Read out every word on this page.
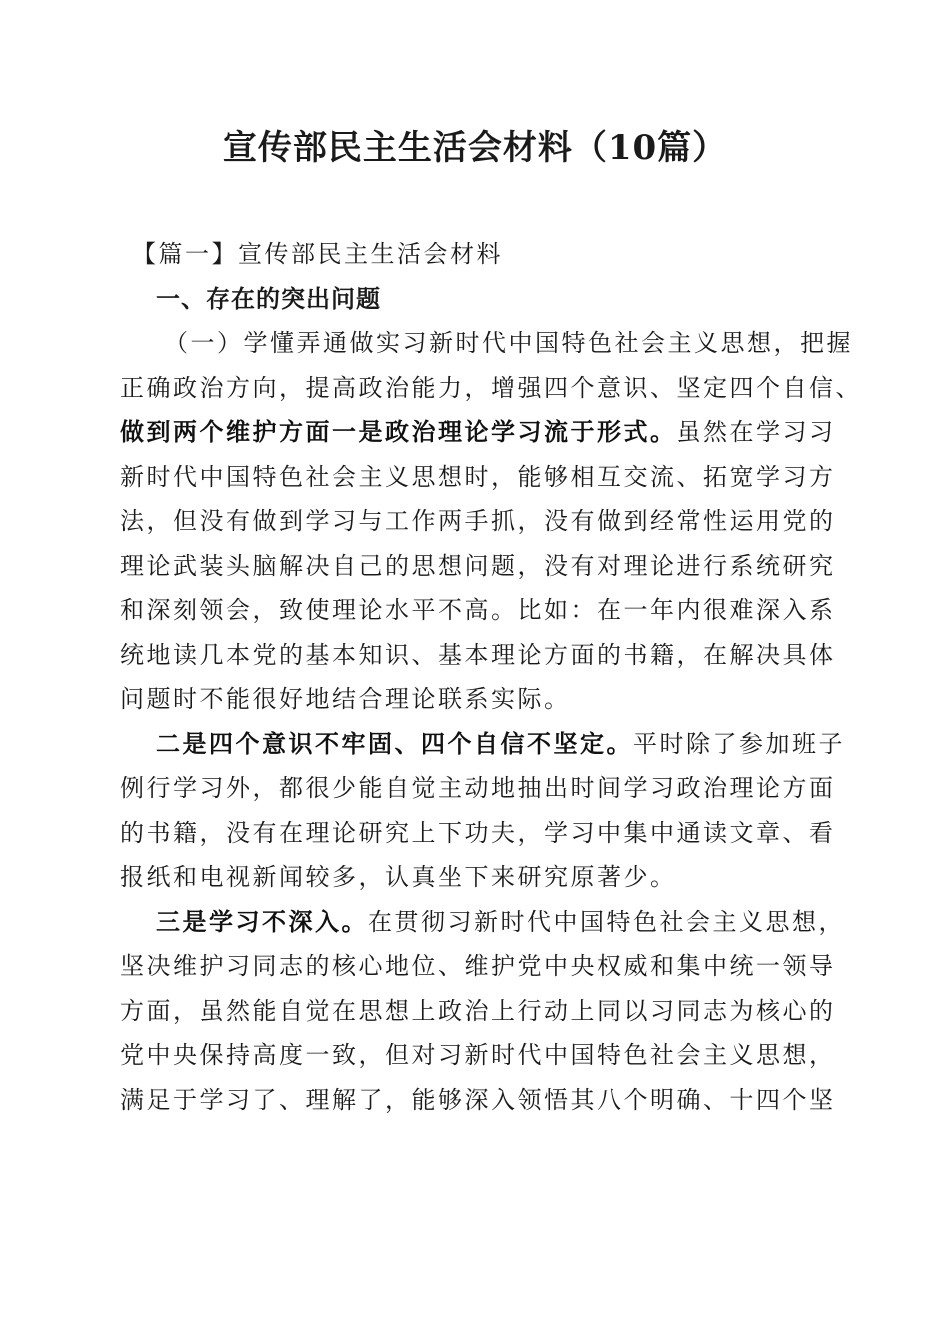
宣传部民主生活会材料（10篇）
【篇一】宣传部民主生活会材料
一、存在的突出问题
（一）学懂弄通做实习新时代中国特色社会主义思想，把握
正确政治方向，提高政治能力，增强四个意识、坚定四个自信、
做到两个维护方面一是政治理论学习流于形式。虽然在学习习
新时代中国特色社会主义思想时，能够相互交流、拓宽学习方
法，但没有做到学习与工作两手抓，没有做到经常性运用党的
理论武装头脑解决自己的思想问题，没有对理论进行系统研究
和深刻领会，致使理论水平不高。比如：在一年内很难深入系
统地读几本党的基本知识、基本理论方面的书籍，在解决具体
问题时不能很好地结合理论联系实际。
二是四个意识不牢固、四个自信不坚定。平时除了参加班子
例行学习外，都很少能自觉主动地抽出时间学习政治理论方面
的书籍，没有在理论研究上下功夫，学习中集中通读文章、看
报纸和电视新闻较多，认真坐下来研究原著少。
三是学习不深入。在贯彻习新时代中国特色社会主义思想，
坚决维护习同志的核心地位、维护党中央权威和集中统一领导
方面，虽然能自觉在思想上政治上行动上同以习同志为核心的
党中央保持高度一致，但对习新时代中国特色社会主义思想，
满足于学习了、理解了，能够深入领悟其八个明确、十四个坚
